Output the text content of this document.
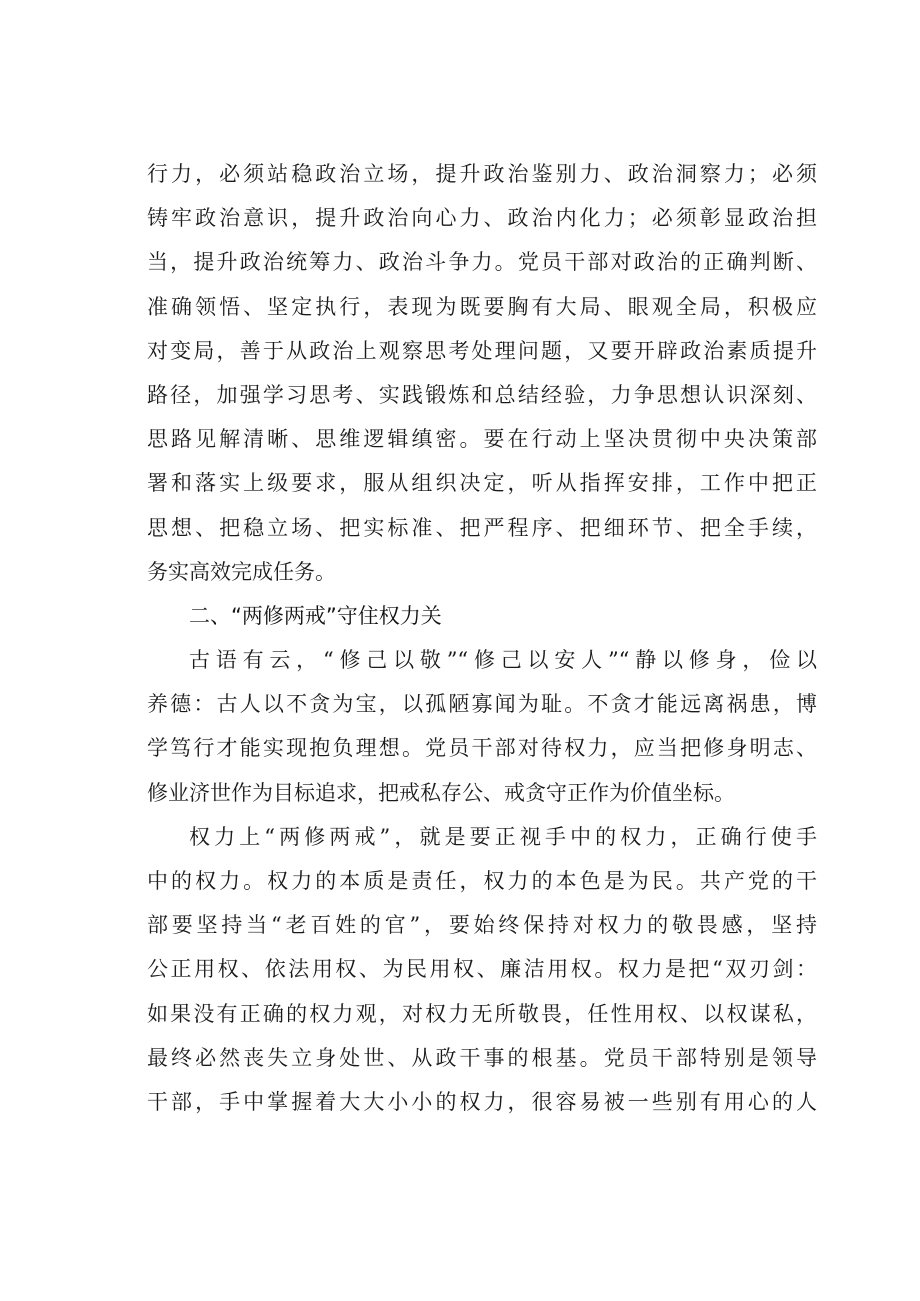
行力，必须站稳政治立场，提升政治鉴别力、政治洞察力；必须
铸牢政治意识，提升政治向心力、政治内化力；必须彰显政治担
当，提升政治统筹力、政治斗争力。党员干部对政治的正确判断、
准确领悟、坚定执行，表现为既要胸有大局、眼观全局，积极应
对变局，善于从政治上观察思考处理问题，又要开辟政治素质提升
路径，加强学习思考、实践锻炼和总结经验，力争思想认识深刻、
思路见解清晰、思维逻辑缜密。要在行动上坚决贯彻中央决策部
署和落实上级要求，服从组织决定，听从指挥安排，工作中把正
思想、把稳立场、把实标准、把严程序、把细环节、把全手续，
务实高效完成任务。
二、“两修两戒”守住权力关
古语有云，“修己以敬”“修己以安人”“静以修身，俭以
养德：古人以不贪为宝，以孤陋寡闻为耻。不贪才能远离祸患，博
学笃行才能实现抱负理想。党员干部对待权力，应当把修身明志、
修业济世作为目标追求，把戒私存公、戒贪守正作为价值坐标。
权力上“两修两戒”，就是要正视手中的权力，正确行使手
中的权力。权力的本质是责任，权力的本色是为民。共产党的干
部要坚持当“老百姓的官”，要始终保持对权力的敬畏感，坚持
公正用权、依法用权、为民用权、廉洁用权。权力是把“双刃剑：
如果没有正确的权力观，对权力无所敬畏，任性用权、以权谋私，
最终必然丧失立身处世、从政干事的根基。党员干部特别是领导
干部，手中掌握着大大小小的权力，很容易被一些别有用心的人
